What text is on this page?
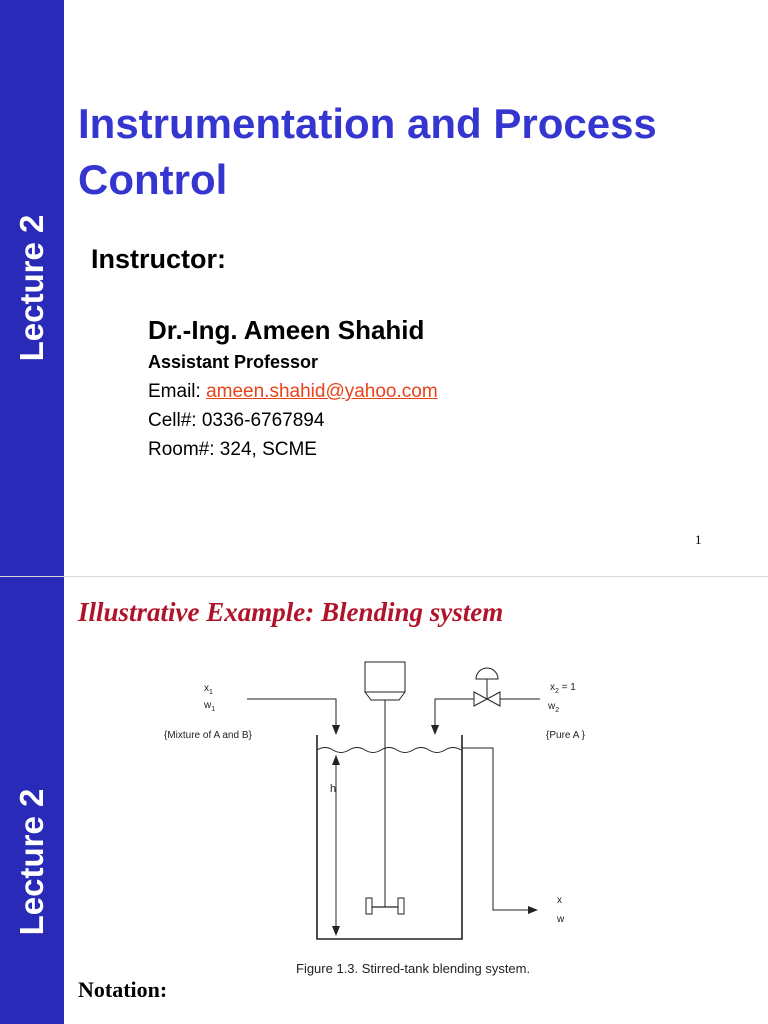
Lecture 2
Instrumentation and Process Control
Instructor:
Dr.-Ing. Ameen Shahid
Assistant Professor
Email: ameen.shahid@yahoo.com
Cell#: 0336-6767894
Room#: 324, SCME
1
Lecture 2
Illustrative Example: Blending system
$x_1$
$w_1$
{Mixture of A and B}
$x_2 = 1$
$w_2$
{Pure A }
h
x
w
Figure 1.3. Stirred-tank blending system.
Notation:
